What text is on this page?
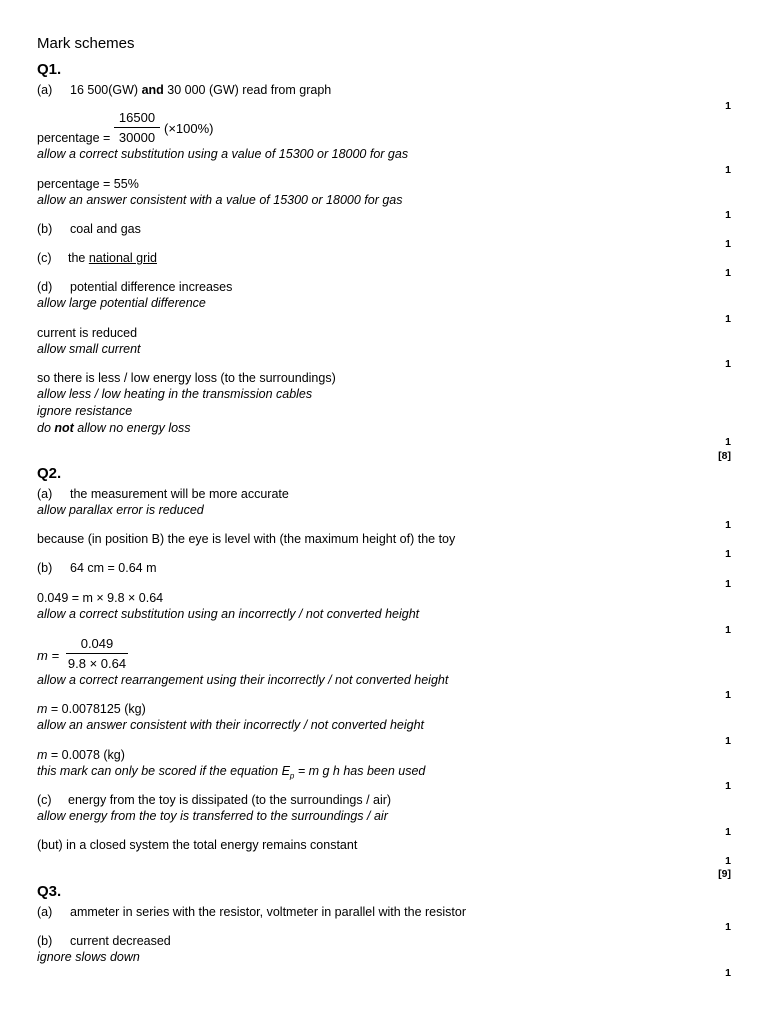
Mark schemes
Q1.
(a) 16 500(GW) and 30 000 (GW) read from graph
1
percentage =
16500
30000
(×100%)
allow a correct substitution using a value of 15300 or 18000 for gas
1
percentage = 55%
allow an answer consistent with a value of 15300 or 18000 for gas
1
(b) coal and gas
1
(c) the national grid
1
(d) potential difference increases
allow large potential difference
1
current is reduced
allow small current
1
so there is less / low energy loss (to the surroundings)
allow less / low heating in the transmission cables
ignore resistance
do not allow no energy loss
1
[8]
Q2.
(a) the measurement will be more accurate
allow parallax error is reduced
1
because (in position B) the eye is level with (the maximum height of) the toy
1
(b) 64 cm = 0.64 m
1
0.049 = m × 9.8 × 0.64
allow a correct substitution using an incorrectly / not converted height
1
m =
0.049
9.8 × 0.64
allow a correct rearrangement using their incorrectly / not converted height
1
m = 0.0078125 (kg)
allow an answer consistent with their incorrectly / not converted height
1
m = 0.0078 (kg)
this mark can only be scored if the equation $E_p = m$ g h has been used
1
(c) energy from the toy is dissipated (to the surroundings / air)
allow energy from the toy is transferred to the surroundings / air
1
(but) in a closed system the total energy remains constant
1
[9]
Q3.
(a) ammeter in series with the resistor, voltmeter in parallel with the resistor
1
(b) current decreased
ignore slows down
1
